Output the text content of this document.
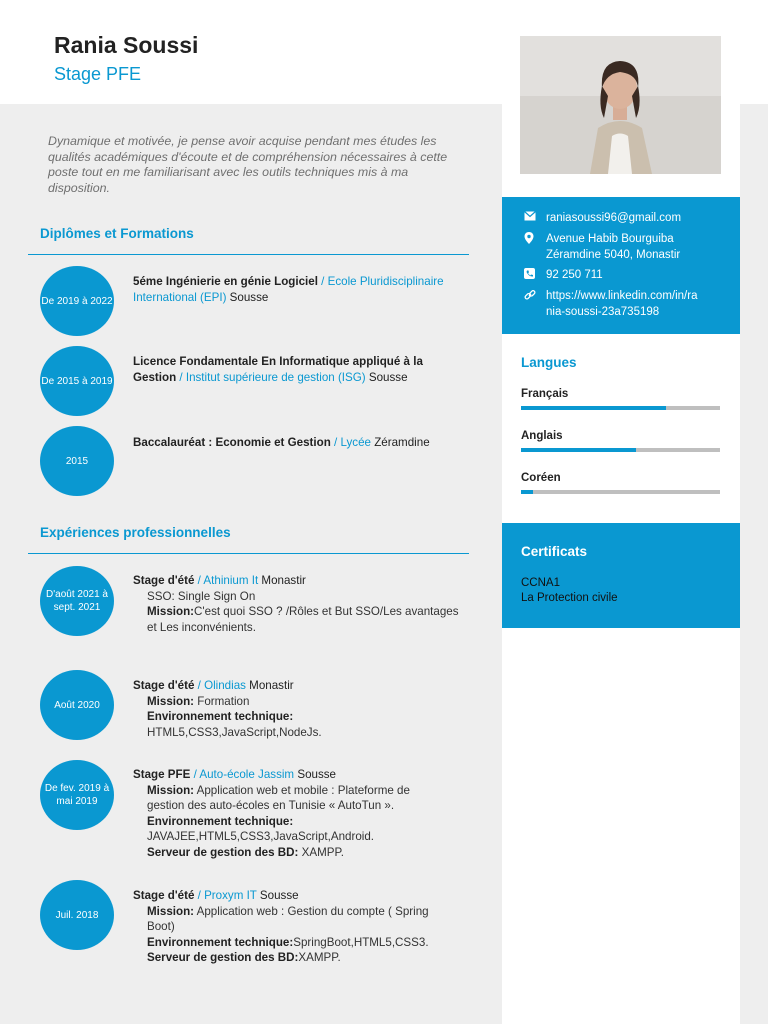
Rania Soussi
Stage PFE
Dynamique et motivée, je pense avoir acquise pendant mes études les qualités académiques d'écoute et de compréhension nécessaires à cette poste tout en me familiarisant avec les outils techniques mis à ma disposition.
Diplômes et Formations
De 2019 à 2022
5éme Ingénierie en génie Logiciel / Ecole Pluridisciplinaire International (EPI) Sousse
De 2015 à 2019
Licence Fondamentale En Informatique appliqué à la Gestion / Institut supérieure de gestion (ISG) Sousse
2015
Baccalauréat : Economie et Gestion / Lycée Zéramdine
Expériences professionnelles
D'août 2021 à sept. 2021
Stage d'été / Athinium It Monastir
SSO: Single Sign On
Mission:C'est quoi SSO ? /Rôles et But SSO/Les avantages et Les inconvénients.
Août 2020
Stage d'été / Olindias Monastir
Mission: Formation
Environnement technique:
HTML5,CSS3,JavaScript,NodeJs.
De fev. 2019 à mai 2019
Stage PFE / Auto-école Jassim Sousse
Mission: Application web et mobile : Plateforme de gestion des auto-écoles en Tunisie « AutoTun ».
Environnement technique: JAVAJEE,HTML5,CSS3,JavaScript,Android.
Serveur de gestion des BD: XAMPP.
Juil. 2018
Stage d'été / Proxym IT Sousse
Mission: Application web : Gestion du compte ( Spring Boot)
Environnement technique:SpringBoot,HTML5,CSS3.
Serveur de gestion des BD:XAMPP.
raniasoussi96@gmail.com
Avenue Habib Bourguiba
Zéramdine 5040, Monastir
92 250 711
https://www.linkedin.com/in/ra
nia-soussi-23a735198
Langues
Français
Anglais
Coréen
Certificats
CCNA1
La Protection civile
